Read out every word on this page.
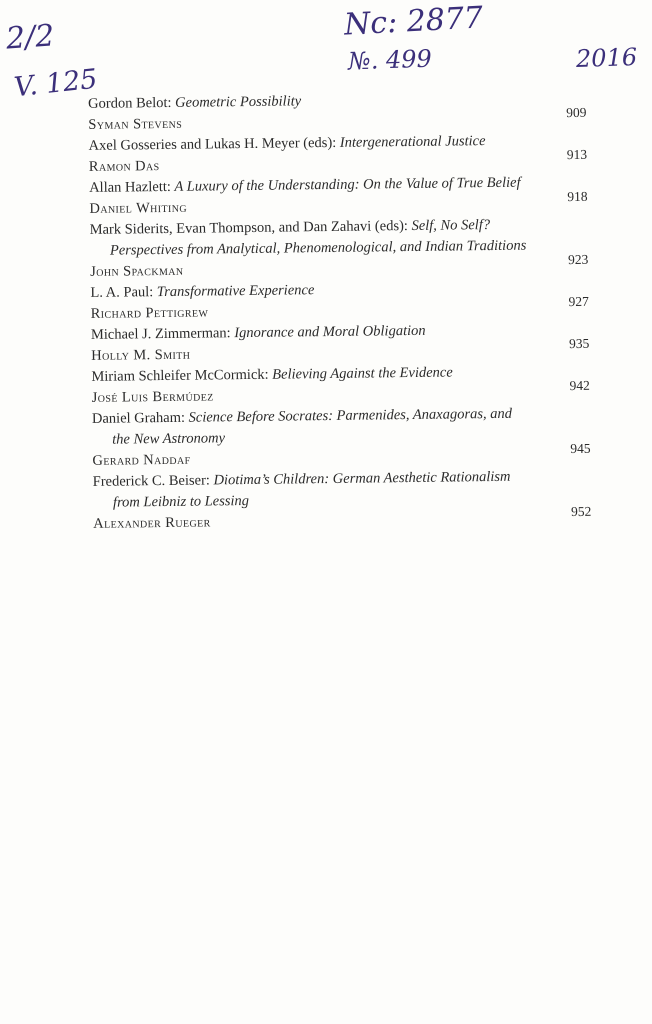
2/2
V. 125
Nc: 2877
№. 499	2016
Gordon Belot: Geometric Possibility
Syman Stevens
909
Axel Gosseries and Lukas H. Meyer (eds): Intergenerational Justice
Ramon Das
913
Allan Hazlett: A Luxury of the Understanding: On the Value of True Belief
Daniel Whiting
918
Mark Siderits, Evan Thompson, and Dan Zahavi (eds): Self, No Self?
Perspectives from Analytical, Phenomenological, and Indian Traditions
John Spackman
923
L. A. Paul: Transformative Experience
Richard Pettigrew
927
Michael J. Zimmerman: Ignorance and Moral Obligation
Holly M. Smith
935
Miriam Schleifer McCormick: Believing Against the Evidence
José Luis Bermúdez
942
Daniel Graham: Science Before Socrates: Parmenides, Anaxagoras, and
the New Astronomy
Gerard Naddaf
945
Frederick C. Beiser: Diotima’s Children: German Aesthetic Rationalism
from Leibniz to Lessing
Alexander Rueger
952
